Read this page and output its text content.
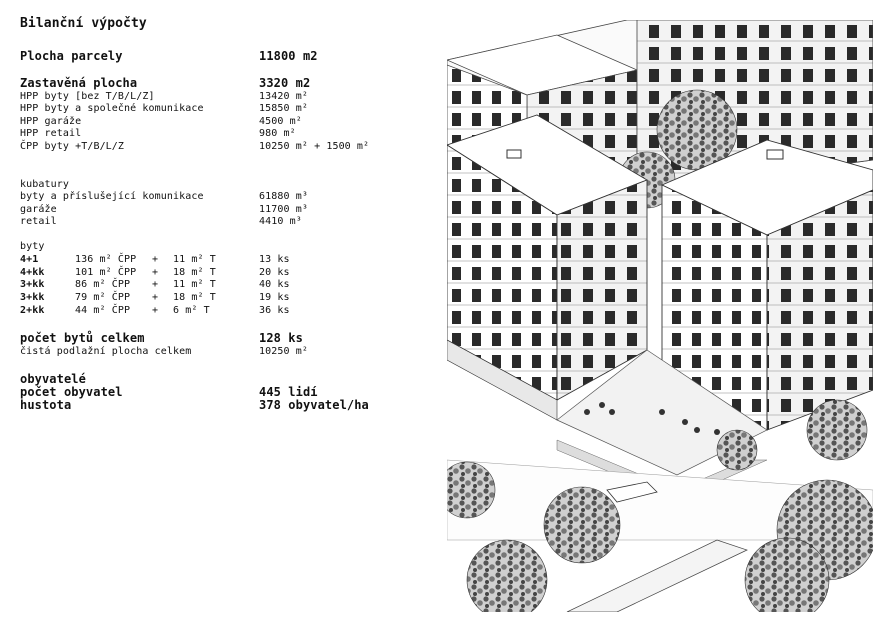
Bilanční výpočty
Plocha parcely	11800 m2
Zastavěná plocha	3320 m2
HPP byty [bez T/B/L/Z]	13420 m²
HPP byty a společné komunikace	15850 m²
HPP garáže	4500 m²
HPP retail	980 m²
ČPP byty +T/B/L/Z	10250 m² + 1500 m²
kubatury
byty a příslušející komunikace	61880 m³
garáže	11700 m³
retail	4410 m³
byty
4+1	136 m² ČPP + 11 m² T	13 ks
4+kk	101 m² ČPP + 18 m² T	20 ks
3+kk	86 m² ČPP + 11 m² T	40 ks
3+kk	79 m² ČPP + 18 m² T	19 ks
2+kk	44 m² ČPP + 6 m² T	36 ks
počet bytů celkem	128 ks
čistá podlažní plocha celkem	10250 m²
obyvatelé
počet obyvatel	445 lidí
hustota	378 obyvatel/ha
